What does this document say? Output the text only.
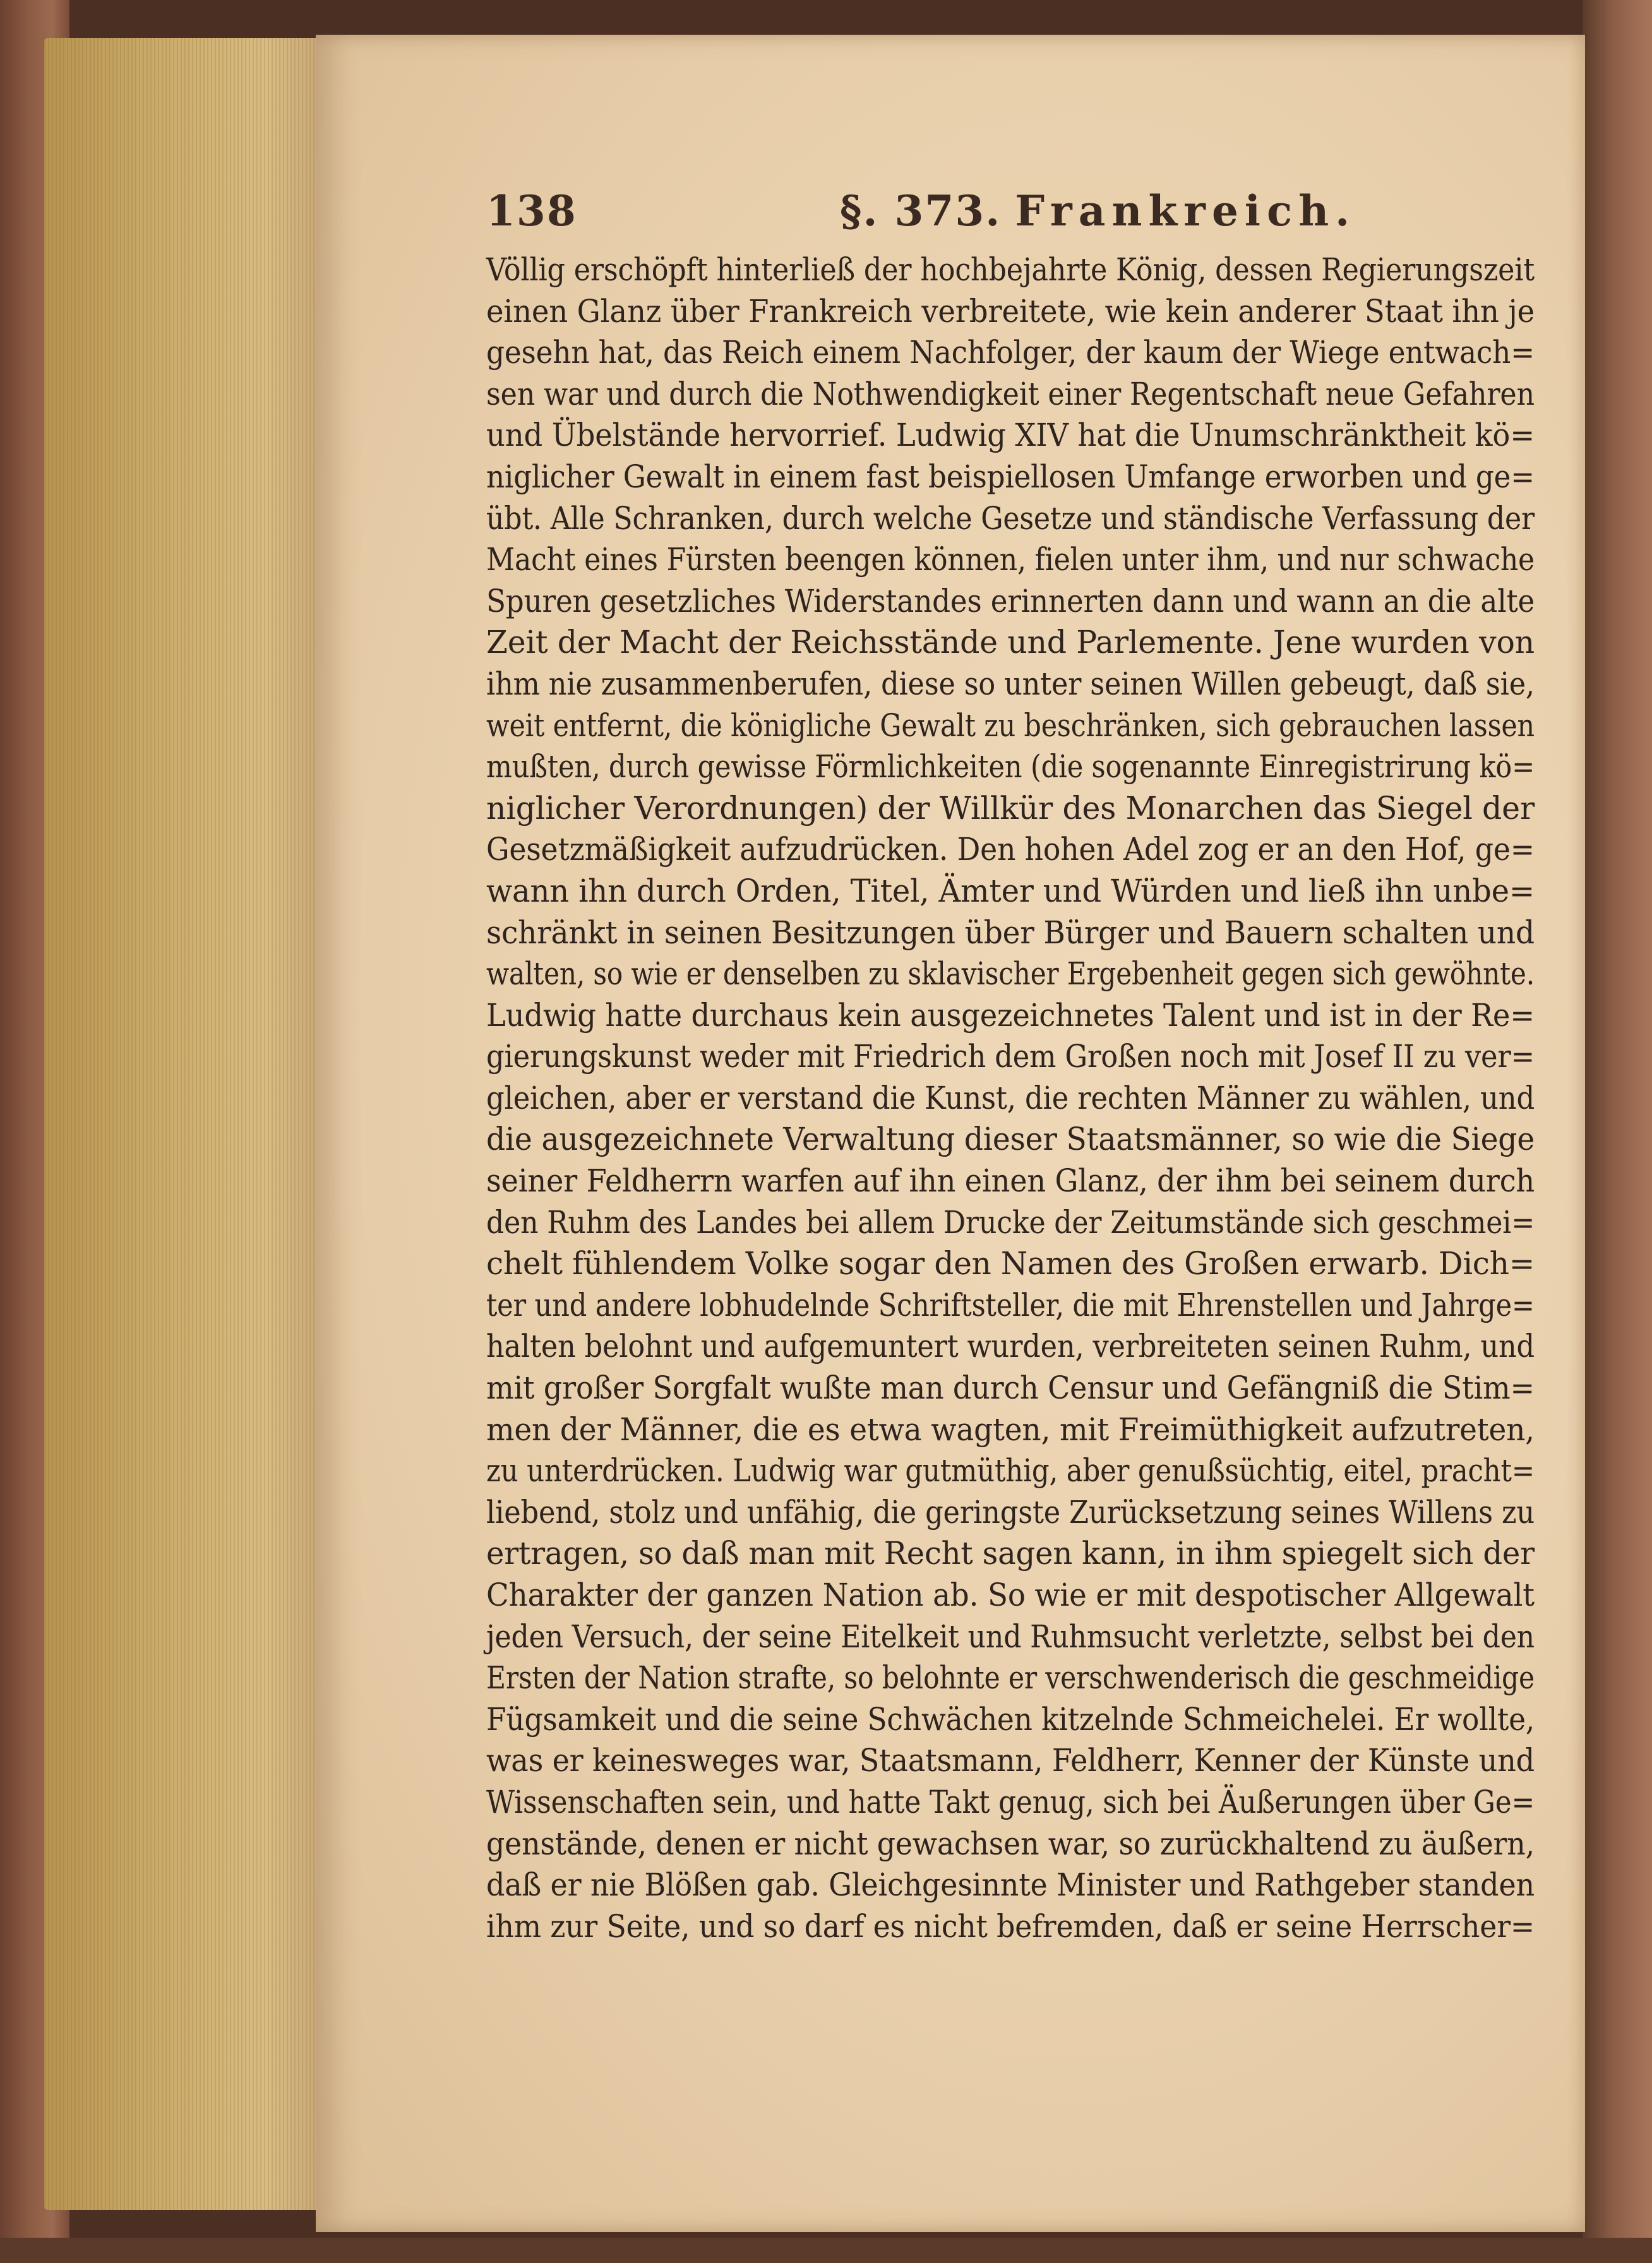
138	§. 373. Frankreich.
Völlig erschöpft hinterließ der hochbejahrte König, dessen Regierungszeit
einen Glanz über Frankreich verbreitete, wie kein anderer Staat ihn je
gesehn hat, das Reich einem Nachfolger, der kaum der Wiege entwach=
sen war und durch die Nothwendigkeit einer Regentschaft neue Gefahren
und Übelstände hervorrief. Ludwig XIV hat die Unumschränktheit kö=
niglicher Gewalt in einem fast beispiellosen Umfange erworben und ge=
übt. Alle Schranken, durch welche Gesetze und ständische Verfassung der
Macht eines Fürsten beengen können, fielen unter ihm, und nur schwache
Spuren gesetzliches Widerstandes erinnerten dann und wann an die alte
Zeit der Macht der Reichsstände und Parlemente. Jene wurden von
ihm nie zusammenberufen, diese so unter seinen Willen gebeugt, daß sie,
weit entfernt, die königliche Gewalt zu beschränken, sich gebrauchen lassen
mußten, durch gewisse Förmlichkeiten (die sogenannte Einregistrirung kö=
niglicher Verordnungen) der Willkür des Monarchen das Siegel der
Gesetzmäßigkeit aufzudrücken. Den hohen Adel zog er an den Hof, ge=
wann ihn durch Orden, Titel, Ämter und Würden und ließ ihn unbe=
schränkt in seinen Besitzungen über Bürger und Bauern schalten und
walten, so wie er denselben zu sklavischer Ergebenheit gegen sich gewöhnte.
Ludwig hatte durchaus kein ausgezeichnetes Talent und ist in der Re=
gierungskunst weder mit Friedrich dem Großen noch mit Josef II zu ver=
gleichen, aber er verstand die Kunst, die rechten Männer zu wählen, und
die ausgezeichnete Verwaltung dieser Staatsmänner, so wie die Siege
seiner Feldherrn warfen auf ihn einen Glanz, der ihm bei seinem durch
den Ruhm des Landes bei allem Drucke der Zeitumstände sich geschmei=
chelt fühlendem Volke sogar den Namen des Großen erwarb. Dich=
ter und andere lobhudelnde Schriftsteller, die mit Ehrenstellen und Jahrge=
halten belohnt und aufgemuntert wurden, verbreiteten seinen Ruhm, und
mit großer Sorgfalt wußte man durch Censur und Gefängniß die Stim=
men der Männer, die es etwa wagten, mit Freimüthigkeit aufzutreten,
zu unterdrücken. Ludwig war gutmüthig, aber genußsüchtig, eitel, pracht=
liebend, stolz und unfähig, die geringste Zurücksetzung seines Willens zu
ertragen, so daß man mit Recht sagen kann, in ihm spiegelt sich der
Charakter der ganzen Nation ab. So wie er mit despotischer Allgewalt
jeden Versuch, der seine Eitelkeit und Ruhmsucht verletzte, selbst bei den
Ersten der Nation strafte, so belohnte er verschwenderisch die geschmeidige
Fügsamkeit und die seine Schwächen kitzelnde Schmeichelei. Er wollte,
was er keinesweges war, Staatsmann, Feldherr, Kenner der Künste und
Wissenschaften sein, und hatte Takt genug, sich bei Äußerungen über Ge=
genstände, denen er nicht gewachsen war, so zurückhaltend zu äußern,
daß er nie Blößen gab. Gleichgesinnte Minister und Rathgeber standen
ihm zur Seite, und so darf es nicht befremden, daß er seine Herrscher=
